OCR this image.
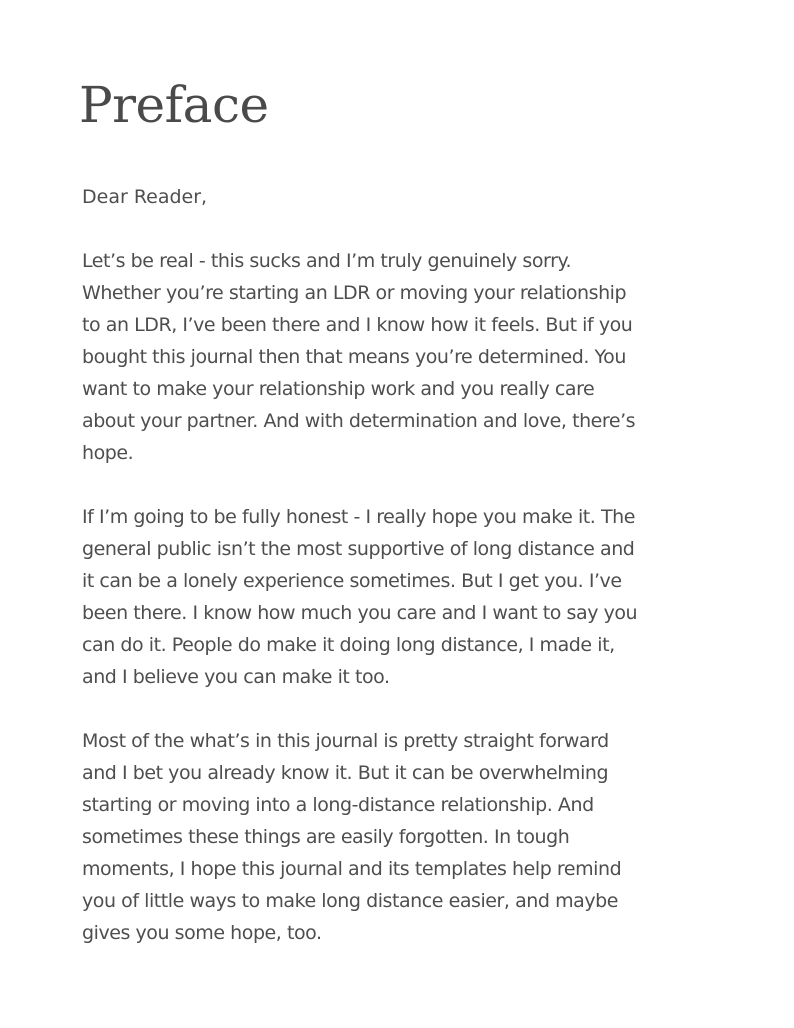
Preface

Dear Reader,

Let’s be real - this sucks and I’m truly genuinely sorry.
Whether you’re starting an LDR or moving your relationship
to an LDR, I’ve been there and I know how it feels. But if you
bought this journal then that means you’re determined. You
want to make your relationship work and you really care
about your partner. And with determination and love, there’s
hope.

If I’m going to be fully honest - I really hope you make it. The
general public isn’t the most supportive of long distance and
it can be a lonely experience sometimes. But I get you. I’ve
been there. I know how much you care and I want to say you
can do it. People do make it doing long distance, I made it,
and I believe you can make it too.

Most of the what’s in this journal is pretty straight forward
and I bet you already know it. But it can be overwhelming
starting or moving into a long-distance relationship. And
sometimes these things are easily forgotten. In tough
moments, I hope this journal and its templates help remind
you of little ways to make long distance easier, and maybe
gives you some hope, too.
